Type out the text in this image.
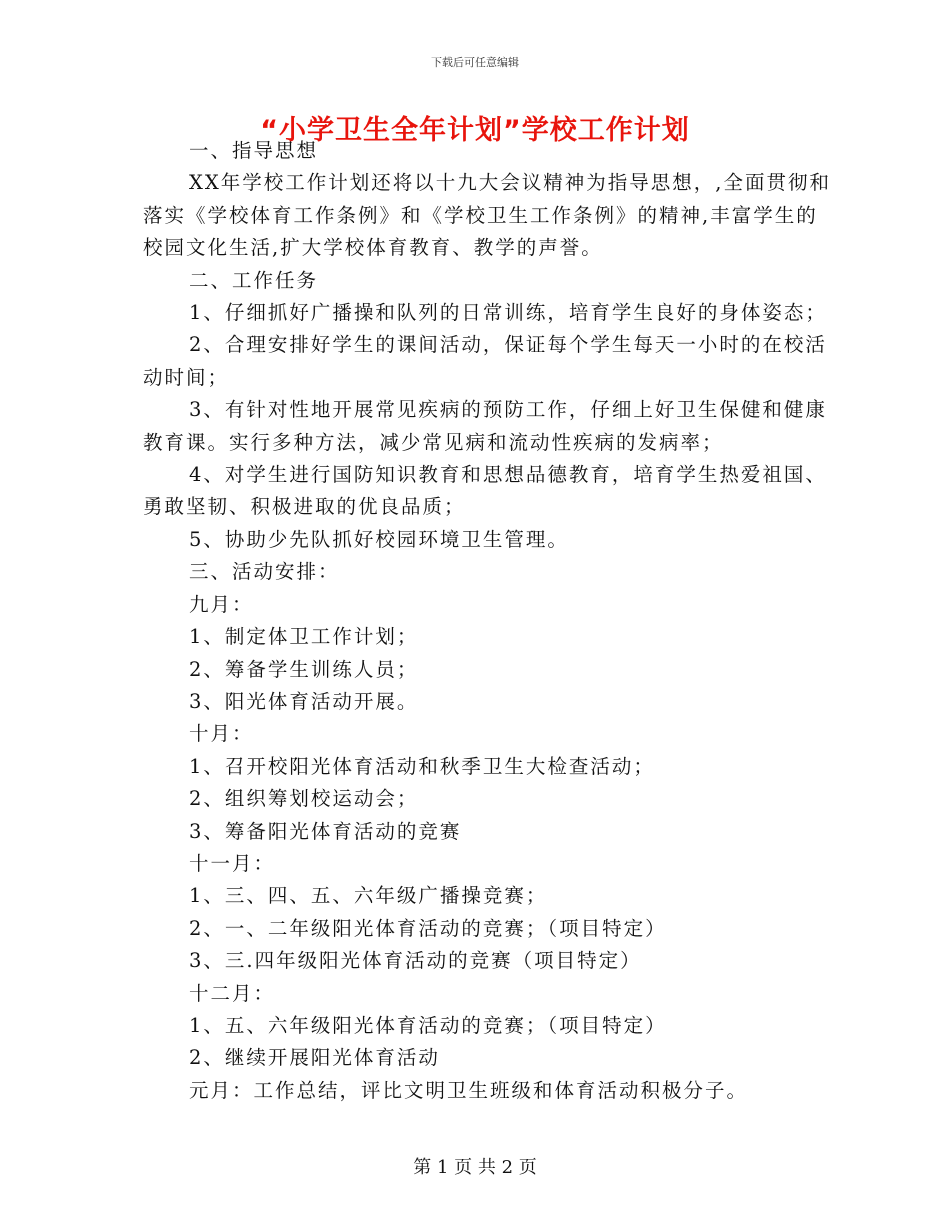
下载后可任意编辑
“小学卫生全年计划”学校工作计划

一、指导思想

XX年学校工作计划还将以十九大会议精神为指导思想，,全面贯彻和落实《学校体育工作条例》和《学校卫生工作条例》的精神,丰富学生的校园文化生活,扩大学校体育教育、教学的声誉。

二、工作任务

1、仔细抓好广播操和队列的日常训练，培育学生良好的身体姿态；

2、合理安排好学生的课间活动，保证每个学生每天一小时的在校活动时间；

3、有针对性地开展常见疾病的预防工作，仔细上好卫生保健和健康教育课。实行多种方法，减少常见病和流动性疾病的发病率；

4、对学生进行国防知识教育和思想品德教育，培育学生热爱祖国、勇敢坚韧、积极进取的优良品质；

5、协助少先队抓好校园环境卫生管理。

三、活动安排：

九月：

1、制定体卫工作计划；

2、筹备学生训练人员；

3、阳光体育活动开展。

十月：

1、召开校阳光体育活动和秋季卫生大检查活动；

2、组织筹划校运动会；

3、筹备阳光体育活动的竞赛

十一月：

1、三、四、五、六年级广播操竞赛；

2、一、二年级阳光体育活动的竞赛；（项目特定）

3、三.四年级阳光体育活动的竞赛（项目特定）

十二月：

1、五、六年级阳光体育活动的竞赛；（项目特定）

2、继续开展阳光体育活动

元月：工作总结，评比文明卫生班级和体育活动积极分子。

第 1 页 共 2 页
